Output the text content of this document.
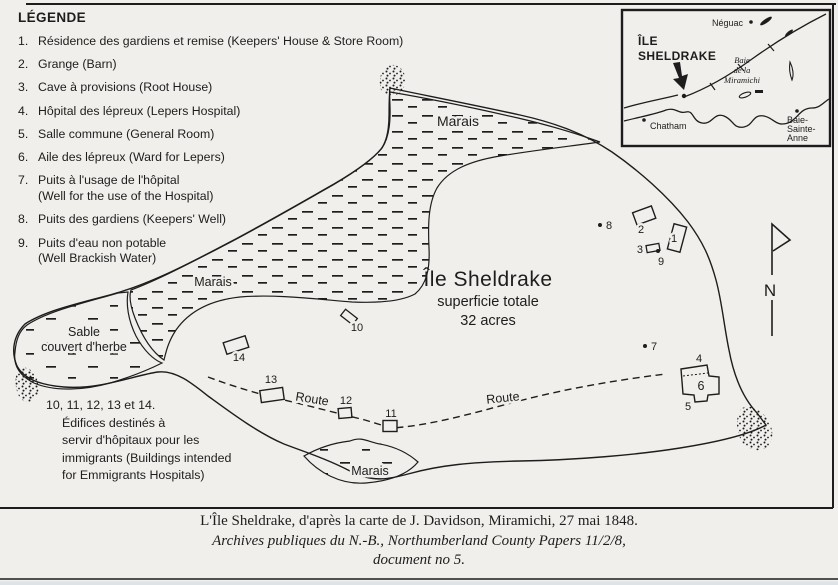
1
2
3
4
5
6
7
8
9
10
11
12
13
14
Île Sheldrake
superficie totale
32 acres
Marais
Marais
Marais
Sable
couvert d'herbe
Route	Route
N
ÎLE
SHELDRAKE
Néguac
Baie
de la
Miramichi
Chatham
Baie-
Sainte-
Anne
LÉGENDE
1. Résidence des gardiens et remise (Keepers' House & Store Room)
2. Grange (Barn)
3. Cave à provisions (Root House)
4. Hôpital des lépreux (Lepers Hospital)
5. Salle commune (General Room)
6. Aile des lépreux (Ward for Lepers)
7. Puits à l'usage de l'hôpital
(Well for the use of the Hospital)
8. Puits des gardiens (Keepers' Well)
9. Puits d'eau non potable
(Well Brackish Water)
10, 11, 12, 13 et 14.
Édifices destinés à
servir d'hôpitaux pour les
immigrants (Buildings intended
for Emmigrants Hospitals)
L'Île Sheldrake, d'après la carte de J. Davidson, Miramichi, 27 mai 1848.
Archives publiques du N.-B., Northumberland County Papers 11/2/8,
document no 5.
